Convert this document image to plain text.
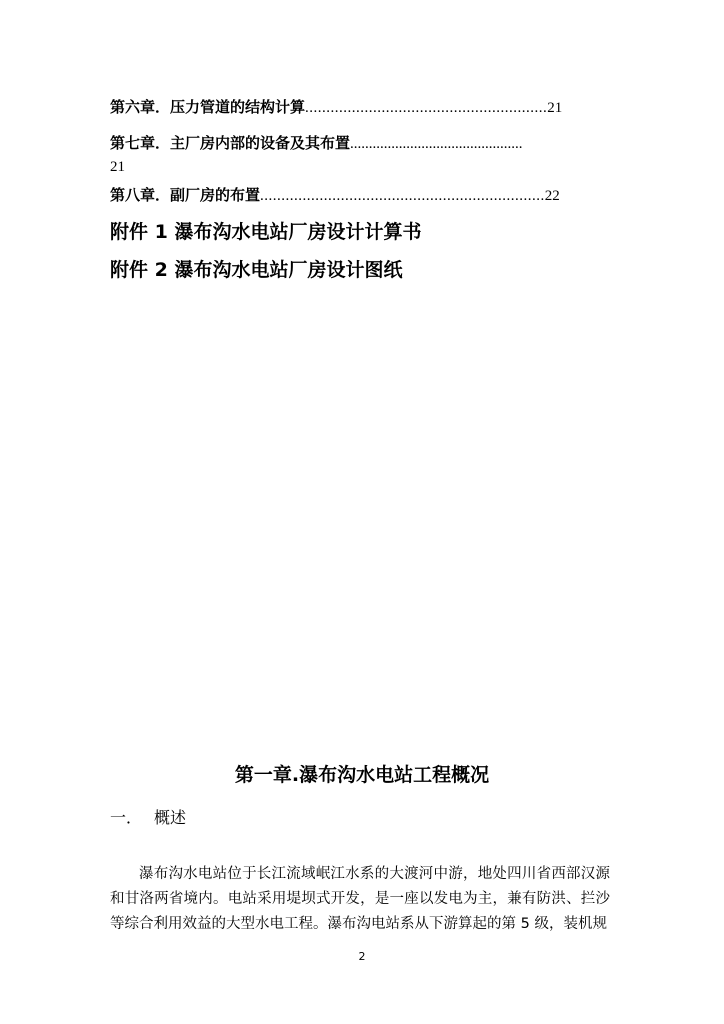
第六章．压力管道的结构计算.........................................................21
第七章．主厂房内部的设备及其布置..............................................
21
第八章．副厂房的布置...................................................................22
附件 1 瀑布沟水电站厂房设计计算书
附件 2 瀑布沟水电站厂房设计图纸
第一章.瀑布沟水电站工程概况
一． 概述
瀑布沟水电站位于长江流域岷江水系的大渡河中游，地处四川省西部汉源和甘洛两省境内。电站采用堤坝式开发，是一座以发电为主，兼有防洪、拦沙等综合利用效益的大型水电工程。瀑布沟电站系从下游算起的第 5 级，装机规
2
